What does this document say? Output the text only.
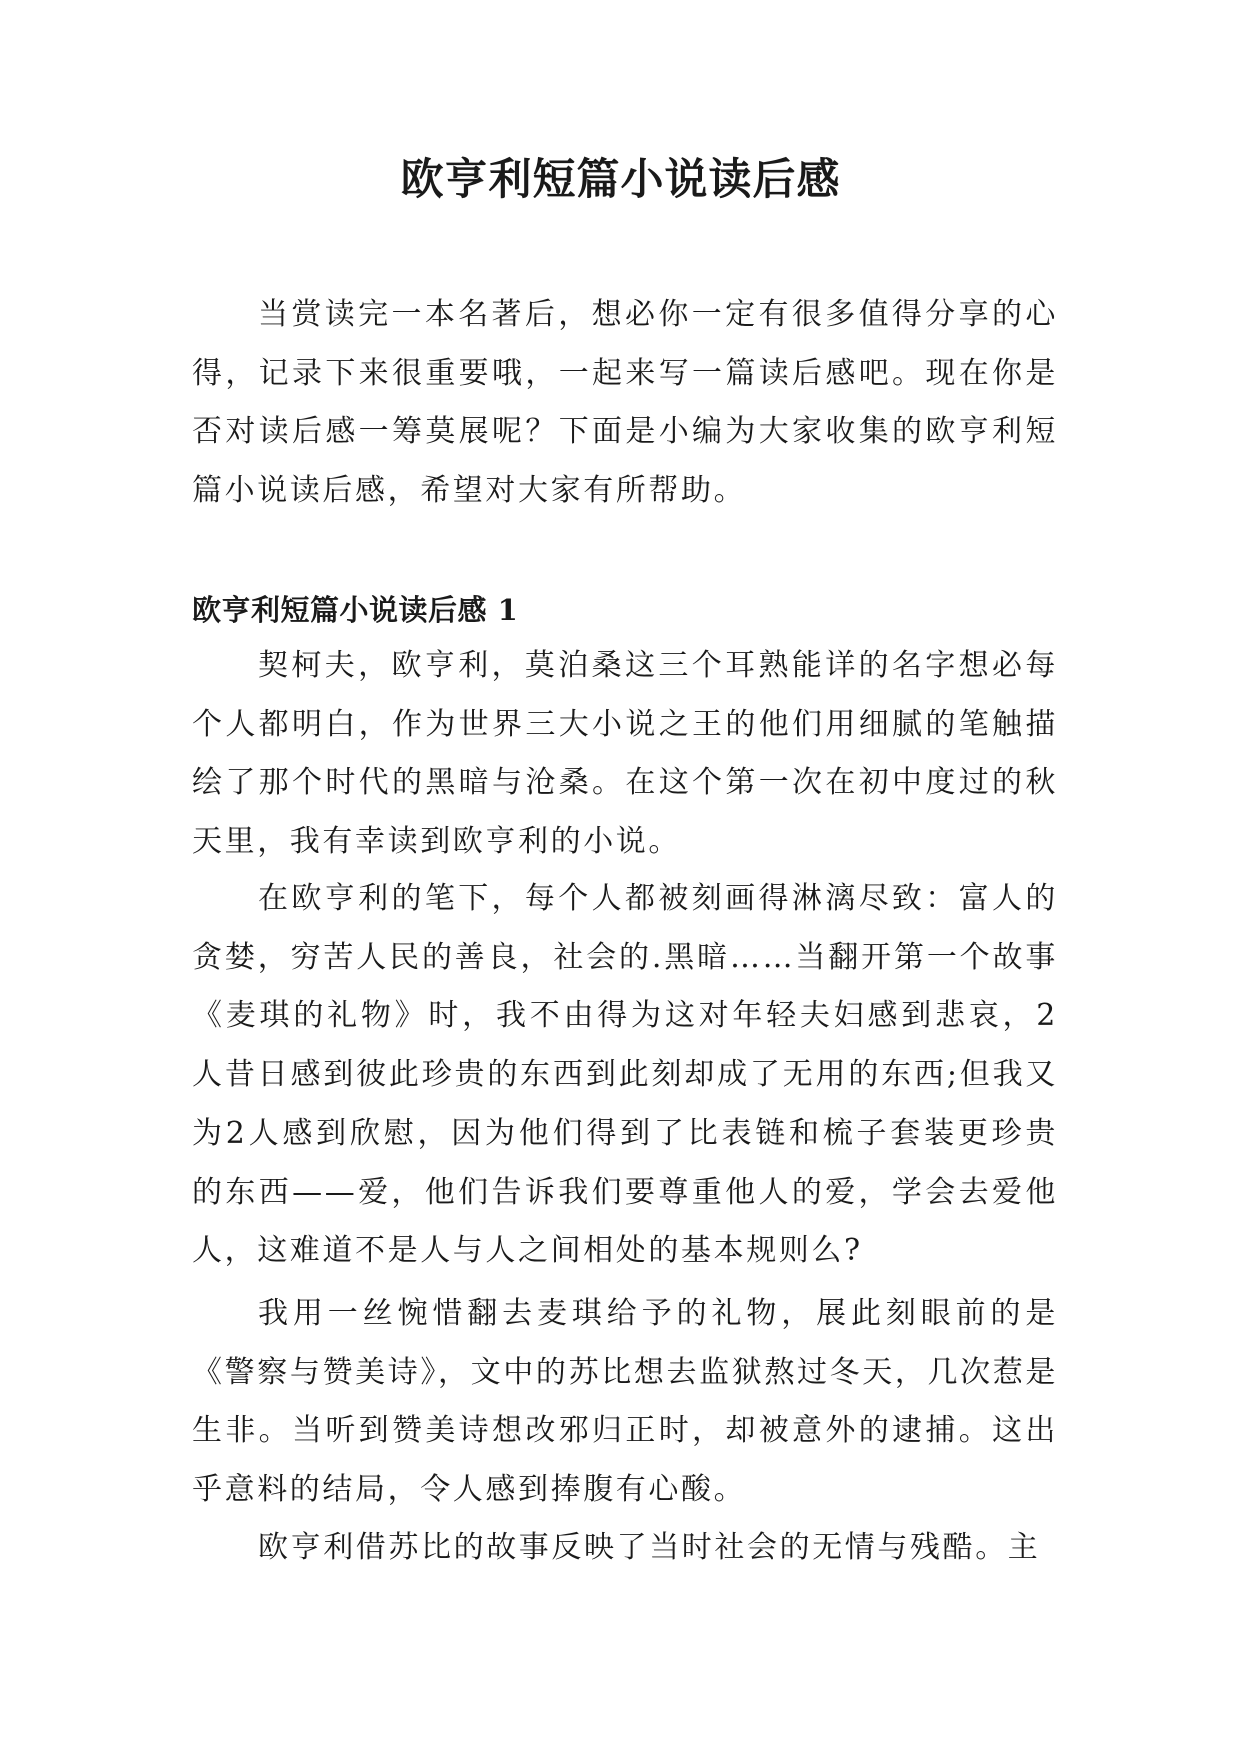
欧亨利短篇小说读后感

当赏读完一本名著后，想必你一定有很多值得分享的心得，记录下来很重要哦，一起来写一篇读后感吧。现在你是否对读后感一筹莫展呢？下面是小编为大家收集的欧亨利短篇小说读后感，希望对大家有所帮助。

欧亨利短篇小说读后感 1

契柯夫，欧亨利，莫泊桑这三个耳熟能详的名字想必每个人都明白，作为世界三大小说之王的他们用细腻的笔触描绘了那个时代的黑暗与沧桑。在这个第一次在初中度过的秋天里，我有幸读到欧亨利的小说。

在欧亨利的笔下，每个人都被刻画得淋漓尽致：富人的贪婪，穷苦人民的善良，社会的.黑暗……当翻开第一个故事《麦琪的礼物》时，我不由得为这对年轻夫妇感到悲哀，2人昔日感到彼此珍贵的东西到此刻却成了无用的东西;但我又为2人感到欣慰，因为他们得到了比表链和梳子套装更珍贵的东西——爱，他们告诉我们要尊重他人的爱，学会去爱他人，这难道不是人与人之间相处的基本规则么?

我用一丝惋惜翻去麦琪给予的礼物，展此刻眼前的是《警察与赞美诗》，文中的苏比想去监狱熬过冬天，几次惹是生非。当听到赞美诗想改邪归正时，却被意外的逮捕。这出乎意料的结局，令人感到捧腹有心酸。

欧亨利借苏比的故事反映了当时社会的无情与残酷。主
